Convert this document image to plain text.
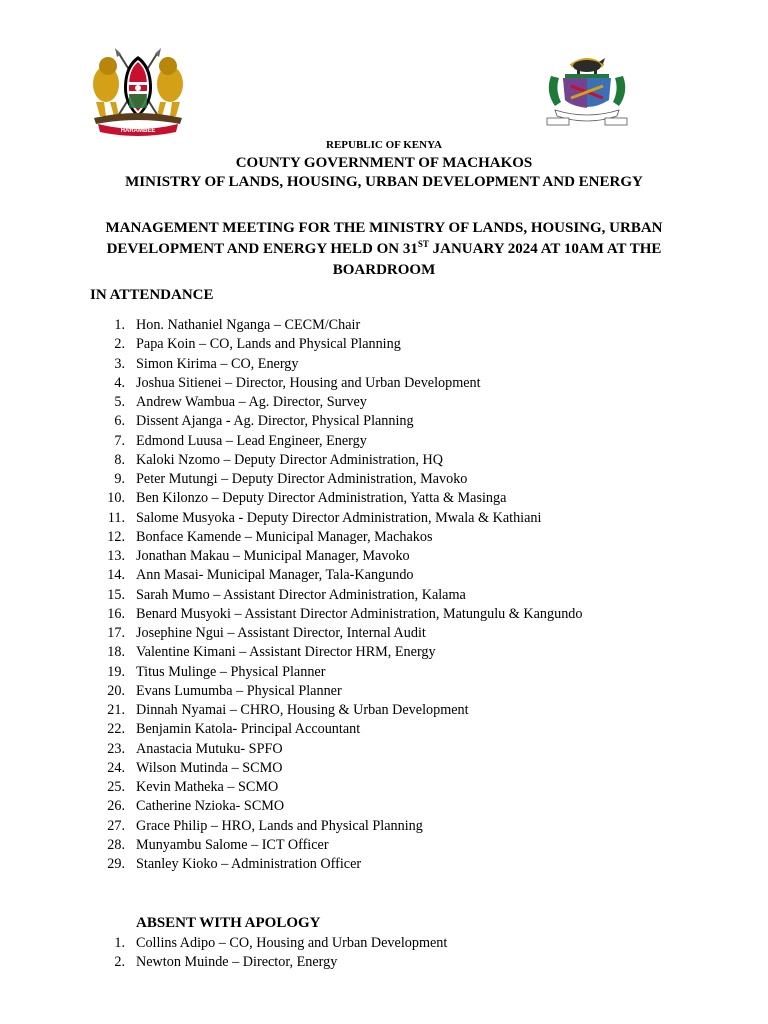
HARAMBEE
REPUBLIC OF KENYA
COUNTY GOVERNMENT OF MACHAKOS
MINISTRY OF LANDS, HOUSING, URBAN DEVELOPMENT AND ENERGY
MANAGEMENT MEETING FOR THE MINISTRY OF LANDS, HOUSING, URBAN DEVELOPMENT AND ENERGY HELD ON 31ST JANUARY 2024 AT 10AM AT THE BOARDROOM
IN ATTENDANCE
1. Hon. Nathaniel Nganga – CECM/Chair
2. Papa Koin – CO, Lands and Physical Planning
3. Simon Kirima – CO, Energy
4. Joshua Sitienei – Director, Housing and Urban Development
5. Andrew Wambua – Ag. Director, Survey
6. Dissent Ajanga - Ag. Director, Physical Planning
7. Edmond Luusa – Lead Engineer, Energy
8. Kaloki Nzomo – Deputy Director Administration, HQ
9. Peter Mutungi – Deputy Director Administration, Mavoko
10. Ben Kilonzo – Deputy Director Administration, Yatta & Masinga
11. Salome Musyoka - Deputy Director Administration, Mwala & Kathiani
12. Bonface Kamende – Municipal Manager, Machakos
13. Jonathan Makau – Municipal Manager, Mavoko
14. Ann Masai- Municipal Manager, Tala-Kangundo
15. Sarah Mumo – Assistant Director Administration, Kalama
16. Benard Musyoki – Assistant Director Administration, Matungulu & Kangundo
17. Josephine Ngui – Assistant Director, Internal Audit
18. Valentine Kimani – Assistant Director HRM, Energy
19. Titus Mulinge – Physical Planner
20. Evans Lumumba – Physical Planner
21. Dinnah Nyamai – CHRO, Housing & Urban Development
22. Benjamin Katola- Principal Accountant
23. Anastacia Mutuku- SPFO
24. Wilson Mutinda – SCMO
25. Kevin Matheka – SCMO
26. Catherine Nzioka- SCMO
27. Grace Philip – HRO, Lands and Physical Planning
28. Munyambu Salome – ICT Officer
29. Stanley Kioko – Administration Officer
ABSENT WITH APOLOGY
1. Collins Adipo – CO, Housing and Urban Development
2. Newton Muinde – Director, Energy
